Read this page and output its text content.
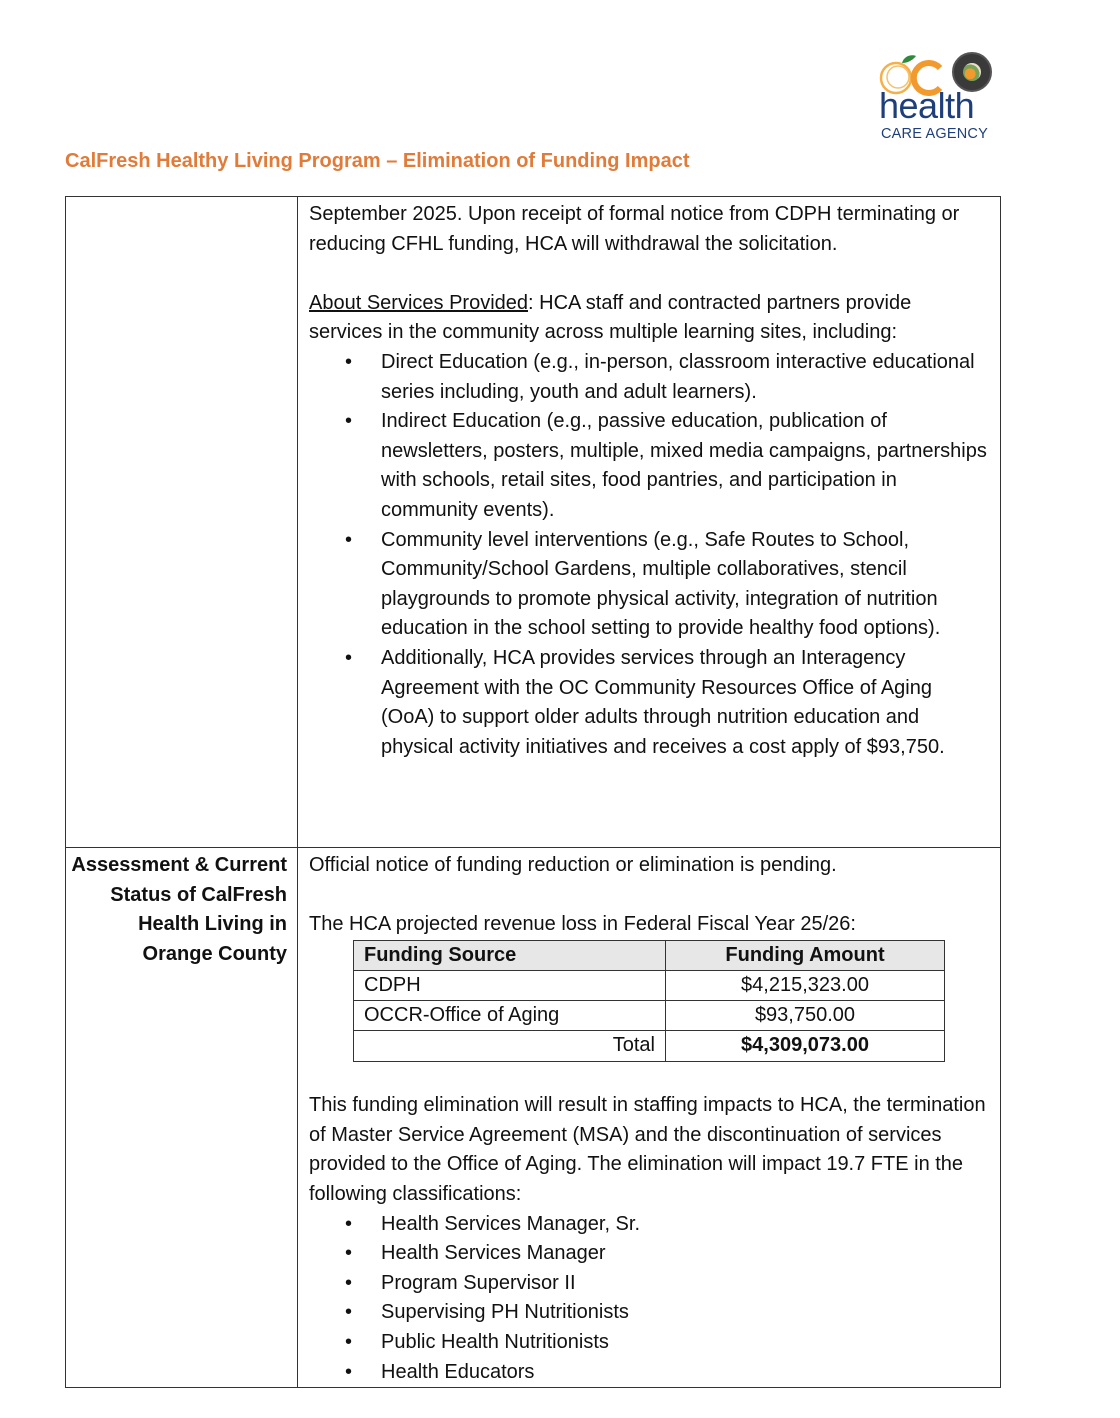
health
CARE AGENCY
CalFresh Healthy Living Program – Elimination of Funding Impact

September 2025. Upon receipt of formal notice from CDPH terminating or reducing CFHL funding, HCA will withdrawal the solicitation.

About Services Provided: HCA staff and contracted partners provide services in the community across multiple learning sites, including:

• Direct Education (e.g., in-person, classroom interactive educational series including, youth and adult learners).
• Indirect Education (e.g., passive education, publication of newsletters, posters, multiple, mixed media campaigns, partnerships with schools, retail sites, food pantries, and participation in community events).
• Community level interventions (e.g., Safe Routes to School, Community/School Gardens, multiple collaboratives, stencil playgrounds to promote physical activity, integration of nutrition education in the school setting to provide healthy food options).
• Additionally, HCA provides services through an Interagency Agreement with the OC Community Resources Office of Aging (OoA) to support older adults through nutrition education and physical activity initiatives and receives a cost apply of $93,750.

Assessment & Current Status of CalFresh Health Living in Orange County	

Official notice of funding reduction or elimination is pending.

The HCA projected revenue loss in Federal Fiscal Year 25/26:

Funding Source	Funding Amount
CDPH	$4,215,323.00
OCCR-Office of Aging	$93,750.00
Total	$4,309,073.00

This funding elimination will result in staffing impacts to HCA, the termination of Master Service Agreement (MSA) and the discontinuation of services provided to the Office of Aging. The elimination will impact 19.7 FTE in the following classifications:

• Health Services Manager, Sr.
• Health Services Manager
• Program Supervisor II
• Supervising PH Nutritionists
• Public Health Nutritionists
• Health Educators
